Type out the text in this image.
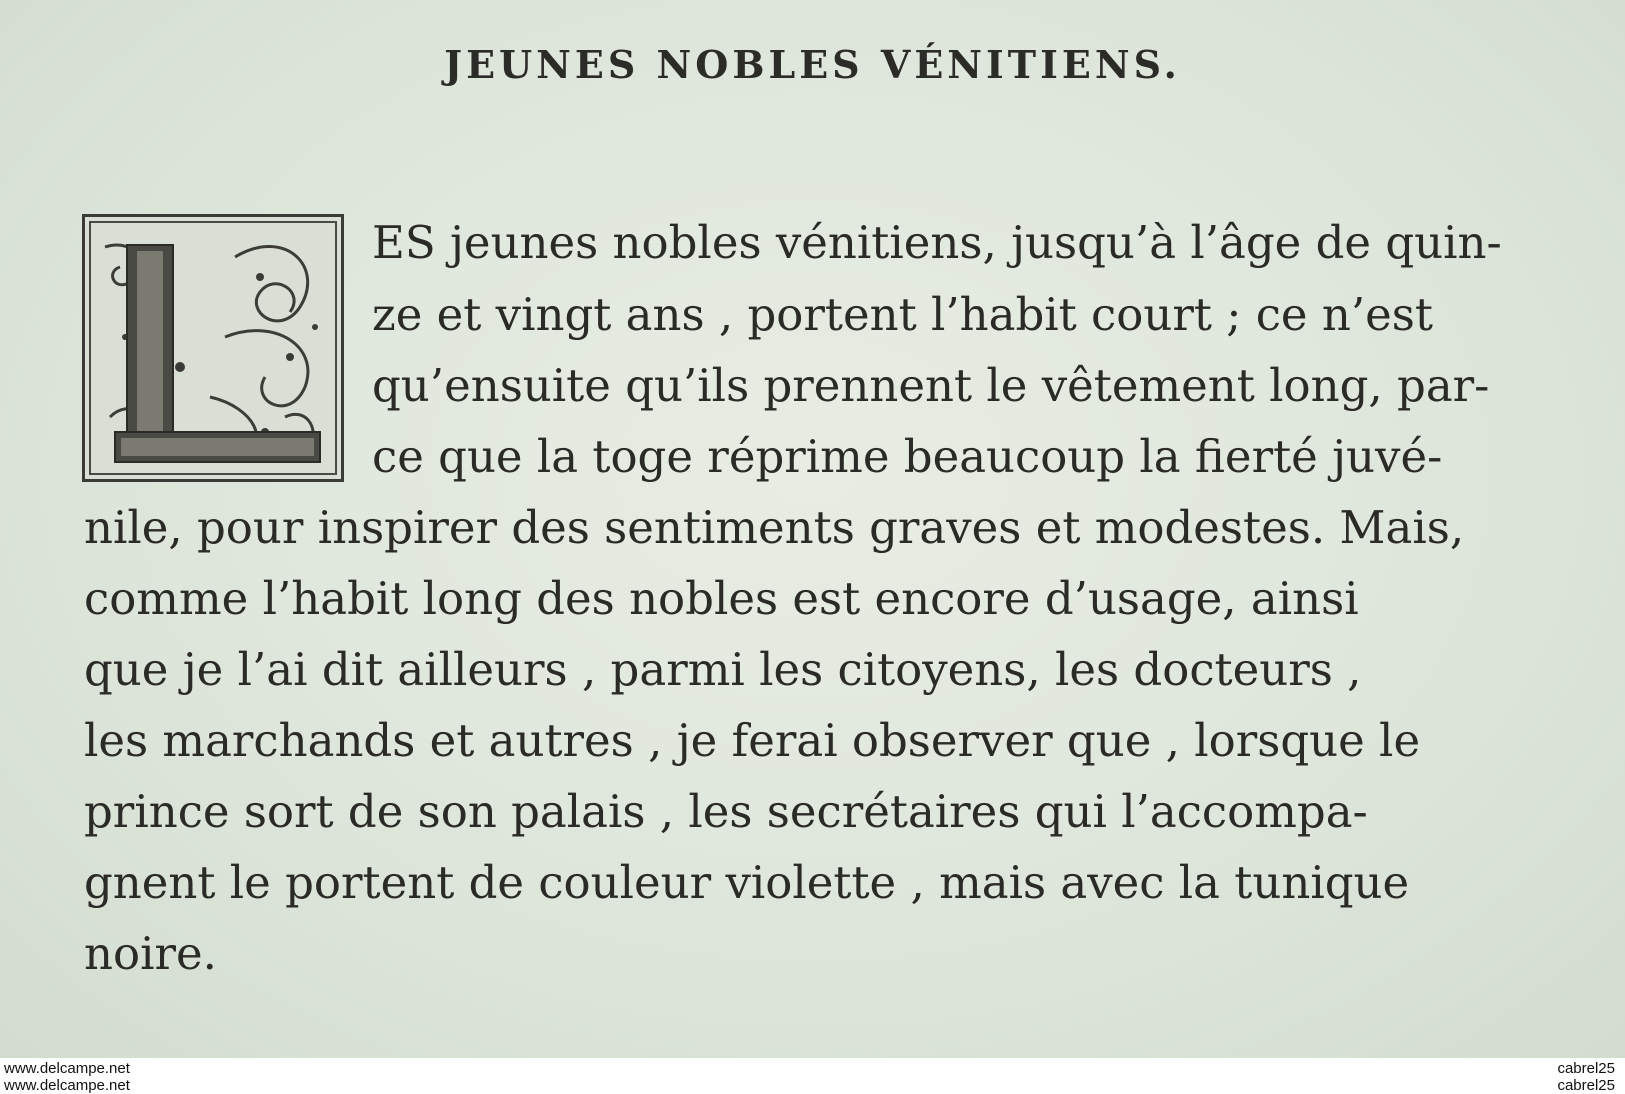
JEUNES NOBLES VÉNITIENS.
ES jeunes nobles vénitiens, jusqu’à l’âge de quin-
ze et vingt ans , portent l’habit court ; ce n’est
qu’ensuite qu’ils prennent le vêtement long, par-
ce que la toge réprime beaucoup la fierté juvé-
nile, pour inspirer des sentiments graves et modestes. Mais,
comme l’habit long des nobles est encore d’usage, ainsi
que je l’ai dit ailleurs , parmi les citoyens, les docteurs ,
les marchands et autres , je ferai observer que , lorsque le
prince sort de son palais , les secrétaires qui l’accompa-
gnent le portent de couleur violette , mais avec la tunique
noire.
www.delcampe.net
www.delcampe.net
cabrel25
cabrel25
